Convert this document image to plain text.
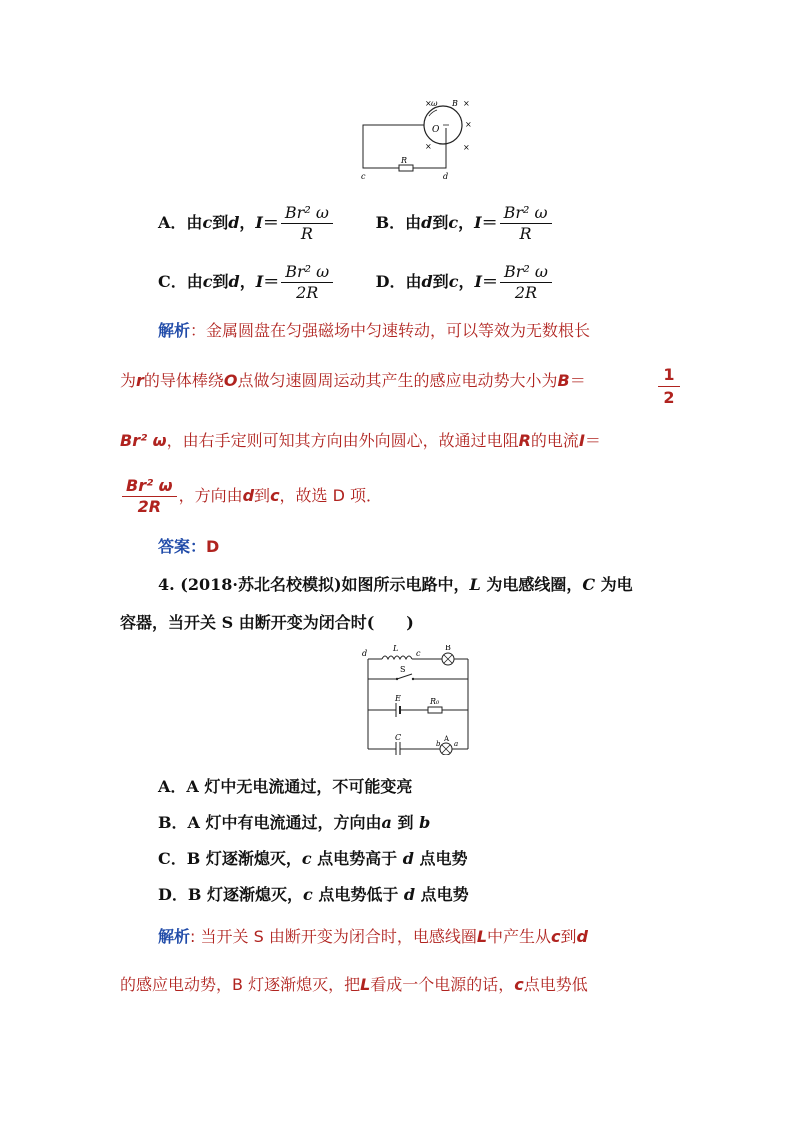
×	×
×
×	×
ω B
O
R
c	d
A．由c到d，$I= \frac{\text{Br² ω}}{R}$	B．由d到c，$I= \frac{\text{Br² ω}}{R}$
C．由c到d，$I= \frac{\text{Br² ω}}{2R}$	D．由d到c，$I= \frac{\text{Br² ω}}{2R}$
解析：金属圆盘在匀强磁场中匀速转动，可以等效为无数根长
为r的导体棒绕O点做匀速圆周运动其产生的感应电动势大小为B＝	1
2
Br² ω，由右手定则可知其方向由外向圆心，故通过电阻R的电流I＝
$\frac{\text{Br² ω}}{2R}$ ，方向由d到c，故选 D 项．
答案：D
4. (2018·苏北名校模拟)如图所示电路中，L 为电感线圈，C 为电
容器，当开关 S 由断开变为闭合时(　　)
d
L
c
B
S
E	R₀
C
b
A
a
A．A 灯中无电流通过，不可能变亮
B．A 灯中有电流通过，方向由a 到 b
C．B 灯逐渐熄灭，c 点电势高于 d 点电势
D．B 灯逐渐熄灭，c 点电势低于 d 点电势
解析: 当开关 S 由断开变为闭合时，电感线圈L中产生从c到d
的感应电动势，B 灯逐渐熄灭，把L看成一个电源的话，c点电势低
